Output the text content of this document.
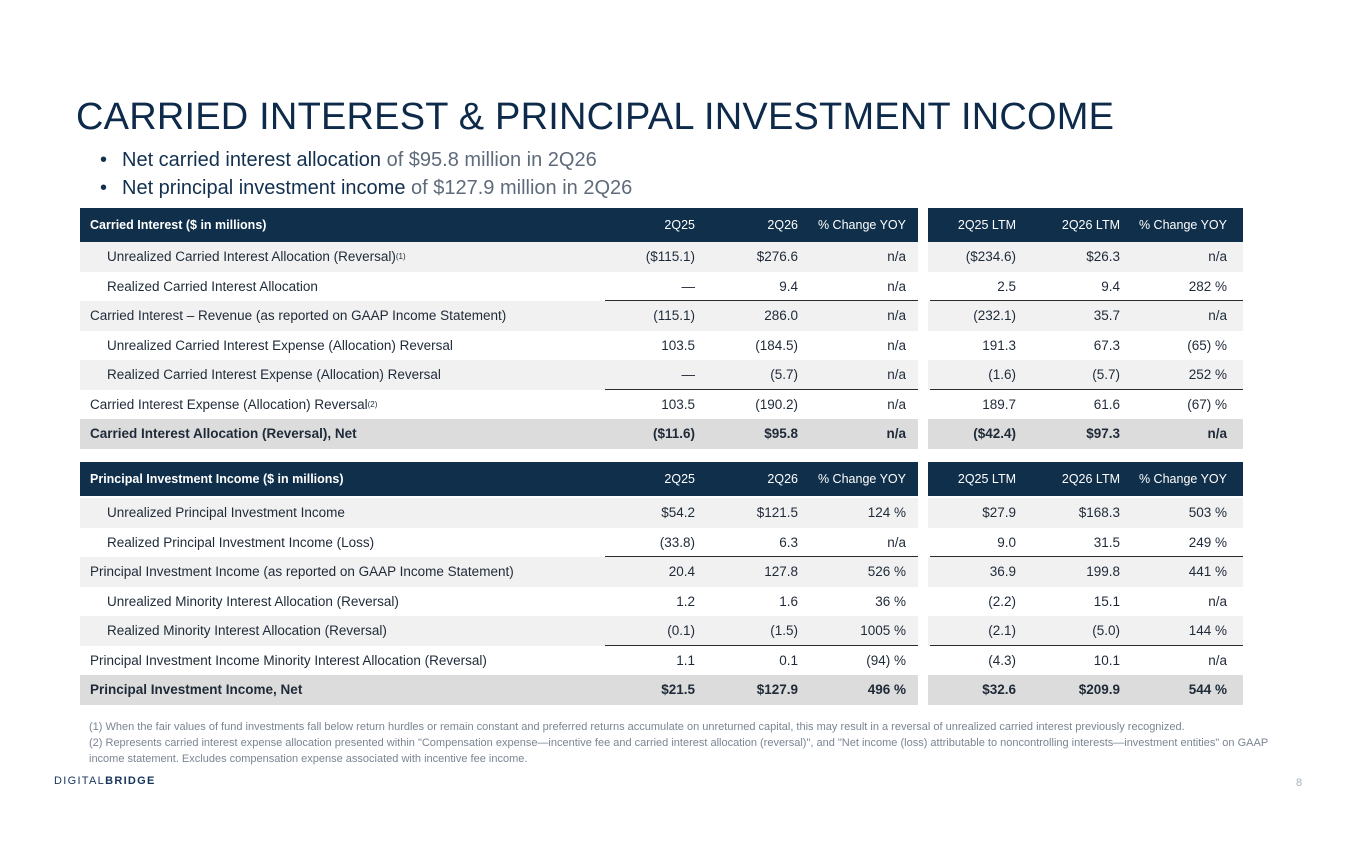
CARRIED INTEREST & PRINCIPAL INVESTMENT INCOME
• Net carried interest allocation of $95.8 million in 2Q26
• Net principal investment income of $127.9 million in 2Q26
Carried Interest ($ in millions)	2Q25	2Q26	% Change YOY	2Q25 LTM	2Q26 LTM	% Change YOY
Unrealized Carried Interest Allocation (Reversal) (1)	($115.1)	$276.6	n/a	($234.6)	$26.3	n/a
Realized Carried Interest Allocation	—	9.4	n/a	2.5	9.4	282 %
Carried Interest – Revenue (as reported on GAAP Income Statement)	(115.1)	286.0	n/a	(232.1)	35.7	n/a
Unrealized Carried Interest Expense (Allocation) Reversal	103.5	(184.5)	n/a	191.3	67.3	(65) %
Realized Carried Interest Expense (Allocation) Reversal	—	(5.7)	n/a	(1.6)	(5.7)	252 %
Carried Interest Expense (Allocation) Reversal (2)	103.5	(190.2)	n/a	189.7	61.6	(67) %
Carried Interest Allocation (Reversal), Net	($11.6)	$95.8	n/a	($42.4)	$97.3	n/a
Principal Investment Income ($ in millions)	2Q25	2Q26	% Change YOY	2Q25 LTM	2Q26 LTM	% Change YOY
Unrealized Principal Investment Income	$54.2	$121.5	124 %	$27.9	$168.3	503 %
Realized Principal Investment Income (Loss)	(33.8)	6.3	n/a	9.0	31.5	249 %
Principal Investment Income (as reported on GAAP Income Statement)	20.4	127.8	526 %	36.9	199.8	441 %
Unrealized Minority Interest Allocation (Reversal)	1.2	1.6	36 %	(2.2)	15.1	n/a
Realized Minority Interest Allocation (Reversal)	(0.1)	(1.5)	1005 %	(2.1)	(5.0)	144 %
Principal Investment Income Minority Interest Allocation (Reversal)	1.1	0.1	(94) %	(4.3)	10.1	n/a
Principal Investment Income, Net	$21.5	$127.9	496 %	$32.6	$209.9	544 %
(1) When the fair values of fund investments fall below return hurdles or remain constant and preferred returns accumulate on unreturned capital, this may result in a reversal of unrealized carried interest previously recognized.
(2) Represents carried interest expense allocation presented within "Compensation expense—incentive fee and carried interest allocation (reversal)", and "Net income (loss) attributable to noncontrolling interests—investment entities" on GAAP income statement. Excludes compensation expense associated with incentive fee income.
DIGITALBRIDGE	8
